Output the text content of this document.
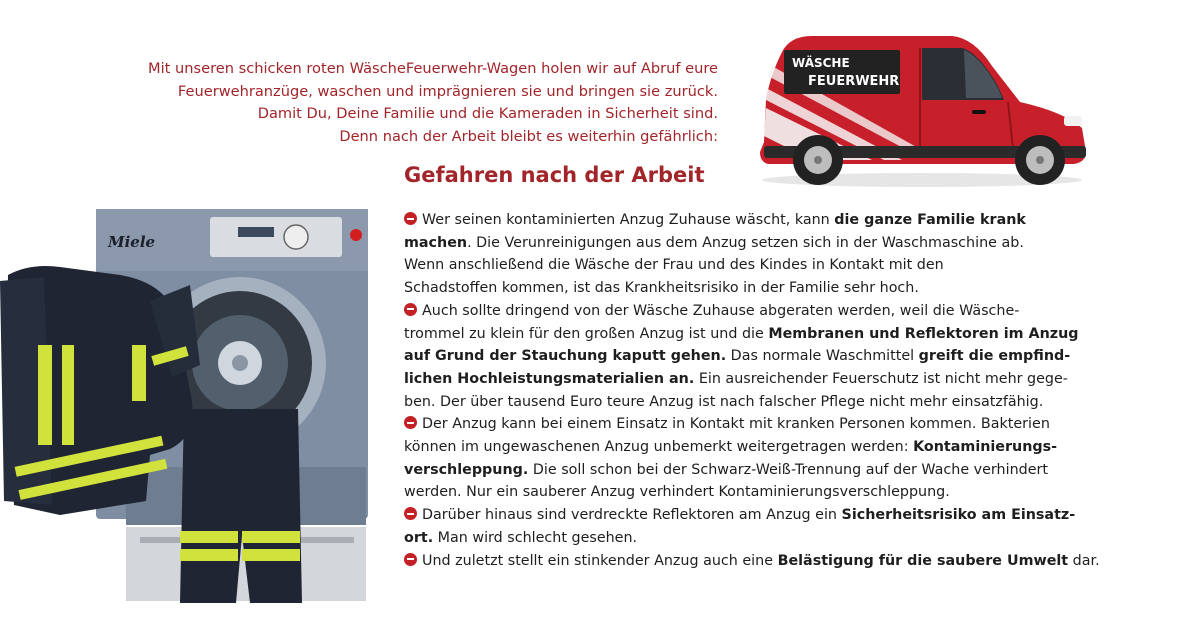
Mit unseren schicken roten WäscheFeuerwehr-Wagen holen wir auf Abruf eure
Feuerwehranzüge, waschen und imprägnieren sie und bringen sie zurück.
Damit Du, Deine Familie und die Kameraden in Sicherheit sind.
Denn nach der Arbeit bleibt es weiterhin gefährlich:
WÄSCHE
FEUERWEHR
Gefahren nach der Arbeit
Miele
Wer seinen kontaminierten Anzug Zuhause wäscht, kann die ganze Familie krank
machen. Die Verunreinigungen aus dem Anzug setzen sich in der Waschmaschine ab.
Wenn anschließend die Wäsche der Frau und des Kindes in Kontakt mit den
Schadstoffen kommen, ist das Krankheitsrisiko in der Familie sehr hoch.
Auch sollte dringend von der Wäsche Zuhause abgeraten werden, weil die Wäsche-
trommel zu klein für den großen Anzug ist und die Membranen und Reflektoren im Anzug
auf Grund der Stauchung kaputt gehen. Das normale Waschmittel greift die empfind-
lichen Hochleistungsmaterialien an. Ein ausreichender Feuerschutz ist nicht mehr gege-
ben. Der über tausend Euro teure Anzug ist nach falscher Pflege nicht mehr einsatzfähig.
Der Anzug kann bei einem Einsatz in Kontakt mit kranken Personen kommen. Bakterien
können im ungewaschenen Anzug unbemerkt weitergetragen werden: Kontaminierungs-
verschleppung. Die soll schon bei der Schwarz-Weiß-Trennung auf der Wache verhindert
werden. Nur ein sauberer Anzug verhindert Kontaminierungsverschleppung.
Darüber hinaus sind verdreckte Reflektoren am Anzug ein Sicherheitsrisiko am Einsatz-
ort. Man wird schlecht gesehen.
Und zuletzt stellt ein stinkender Anzug auch eine Belästigung für die saubere Umwelt dar.
